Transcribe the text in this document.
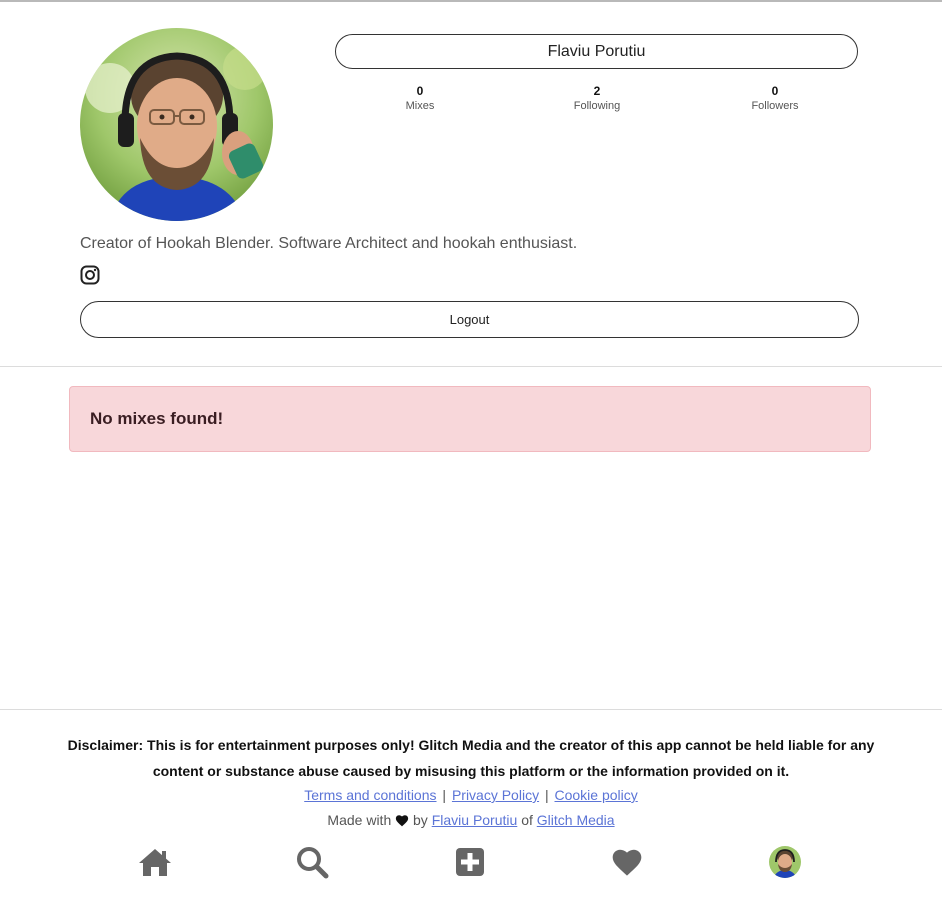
Flaviu Porutiu
0
Mixes
2
Following
0
Followers
Creator of Hookah Blender. Software Architect and hookah enthusiast.
Logout
No mixes found!
Disclaimer: This is for entertainment purposes only! Glitch Media and the creator of this app cannot be held liable for any content or substance abuse caused by misusing this platform or the information provided on it.
Terms and conditions | Privacy Policy | Cookie policy
Made with by Flaviu Porutiu of Glitch Media
